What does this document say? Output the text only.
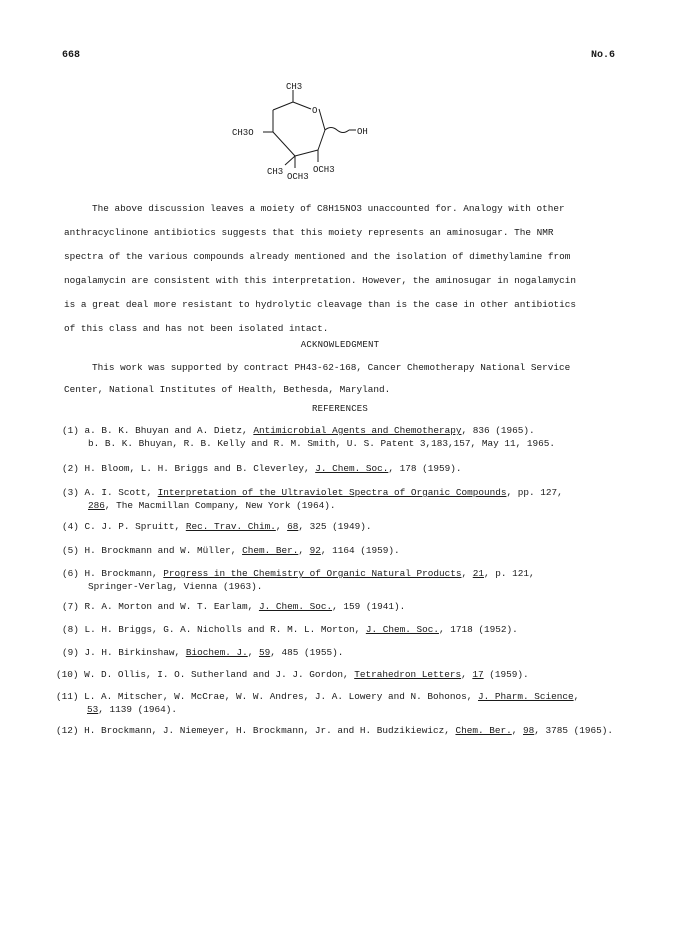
668	No.6
CH3
O
CH3O	OH
CH3 OCH3
OCH3
The above discussion leaves a moiety of C8H15NO3 unaccounted for. Analogy with other
anthracyclinone antibiotics suggests that this moiety represents an aminosugar. The NMR
spectra of the various compounds already mentioned and the isolation of dimethylamine from
nogalamycin are consistent with this interpretation. However, the aminosugar in nogalamycin
is a great deal more resistant to hydrolytic cleavage than is the case in other antibiotics
of this class and has not been isolated intact.
ACKNOWLEDGMENT
This work was supported by contract PH43-62-168, Cancer Chemotherapy National Service
Center, National Institutes of Health, Bethesda, Maryland.
REFERENCES
(1) a. B. K. Bhuyan and A. Dietz, Antimicrobial Agents and Chemotherapy, 836 (1965).
b. B. K. Bhuyan, R. B. Kelly and R. M. Smith, U. S. Patent 3,183,157, May 11, 1965.
(2) H. Bloom, L. H. Briggs and B. Cleverley, J. Chem. Soc., 178 (1959).
(3) A. I. Scott, Interpretation of the Ultraviolet Spectra of Organic Compounds, pp. 127,
286, The Macmillan Company, New York (1964).
(4) C. J. P. Spruitt, Rec. Trav. Chim., 68, 325 (1949).
(5) H. Brockmann and W. Müller, Chem. Ber., 92, 1164 (1959).
(6) H. Brockmann, Progress in the Chemistry of Organic Natural Products, 21, p. 121,
Springer-Verlag, Vienna (1963).
(7) R. A. Morton and W. T. Earlam, J. Chem. Soc., 159 (1941).
(8) L. H. Briggs, G. A. Nicholls and R. M. L. Morton, J. Chem. Soc., 1718 (1952).
(9) J. H. Birkinshaw, Biochem. J., 59, 485 (1955).
(10) W. D. Ollis, I. O. Sutherland and J. J. Gordon, Tetrahedron Letters, 17 (1959).
(11) L. A. Mitscher, W. McCrae, W. W. Andres, J. A. Lowery and N. Bohonos, J. Pharm. Science,
53, 1139 (1964).
(12) H. Brockmann, J. Niemeyer, H. Brockmann, Jr. and H. Budzikiewicz, Chem. Ber., 98, 3785 (1965).
